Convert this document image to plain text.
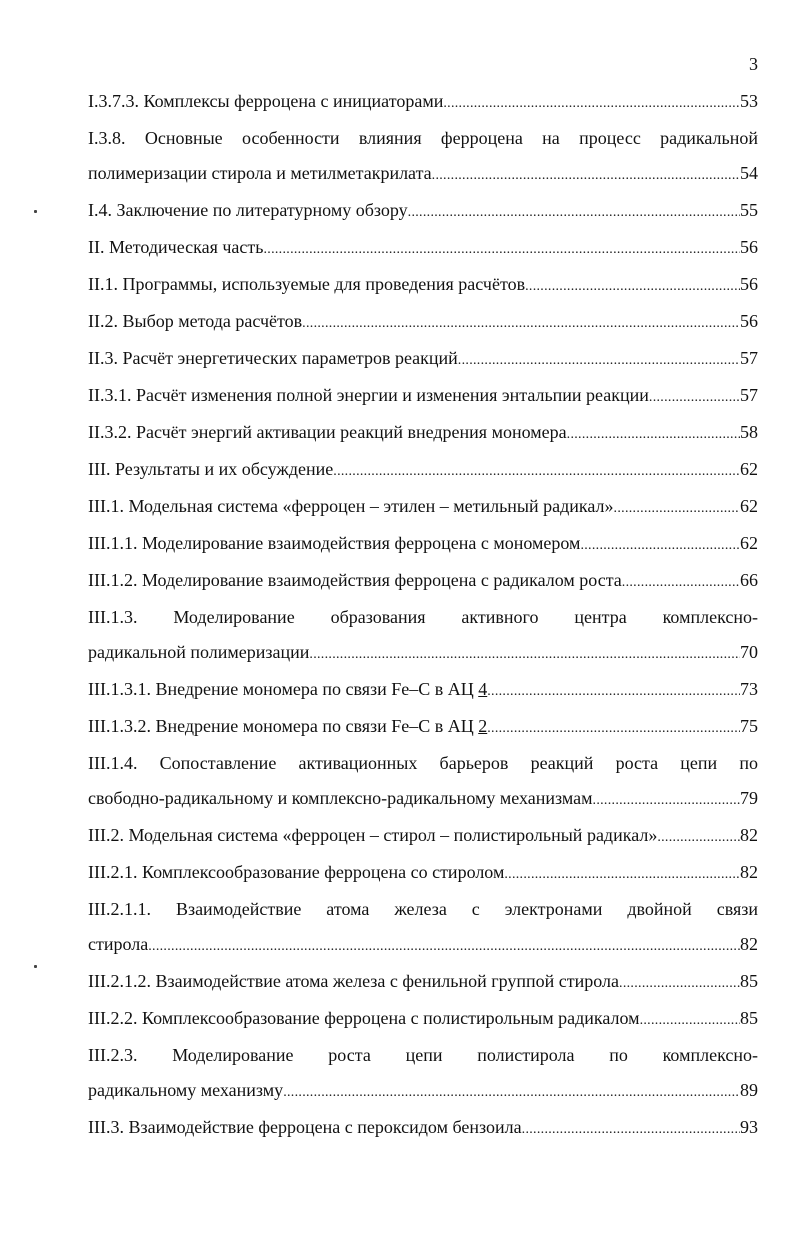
3
I.3.7.3. Комплексы ферроцена с инициаторами . . .	53
I.3.8. Основные особенности влияния ферроцена на процесс радикальной
полимеризации стирола и метилметакрилата . . .	54
I.4. Заключение по литературному обзору . . .	55
II. Методическая часть . . .	56
II.1. Программы, используемые для проведения расчётов . . .	56
II.2. Выбор метода расчётов . . .	56
II.3. Расчёт энергетических параметров реакций . . .	57
II.3.1. Расчёт изменения полной энергии и изменения энтальпии реакции . . .	57
II.3.2. Расчёт энергий активации реакций внедрения мономера . . .	58
III. Результаты и их обсуждение . . .	62
III.1. Модельная система «ферроцен – этилен – метильный радикал» . . .	62
III.1.1. Моделирование взаимодействия ферроцена с мономером . . .	62
III.1.2. Моделирование взаимодействия ферроцена с радикалом роста . . .	66
III.1.3. Моделирование образования активного центра комплексно-
радикальной полимеризации . . .	70
III.1.3.1. Внедрение мономера по связи Fe–C в АЦ 4 . . .	73
III.1.3.2. Внедрение мономера по связи Fe–C в АЦ 2 . . .	75
III.1.4. Сопоставление активационных барьеров реакций роста цепи по
свободно-радикальному и комплексно-радикальному механизмам . . .	79
III.2. Модельная система «ферроцен – стирол – полистирольный радикал» . . .	82
III.2.1. Комплексообразование ферроцена со стиролом . . .	82
III.2.1.1. Взаимодействие атома железа с электронами двойной связи
стирола . . .	82
III.2.1.2. Взаимодействие атома железа с фенильной группой стирола . . .	85
III.2.2. Комплексообразование ферроцена с полистирольным радикалом . . .	85
III.2.3. Моделирование роста цепи полистирола по комплексно-
радикальному механизму . . .	89
III.3. Взаимодействие ферроцена с пероксидом бензоила . . .	93
